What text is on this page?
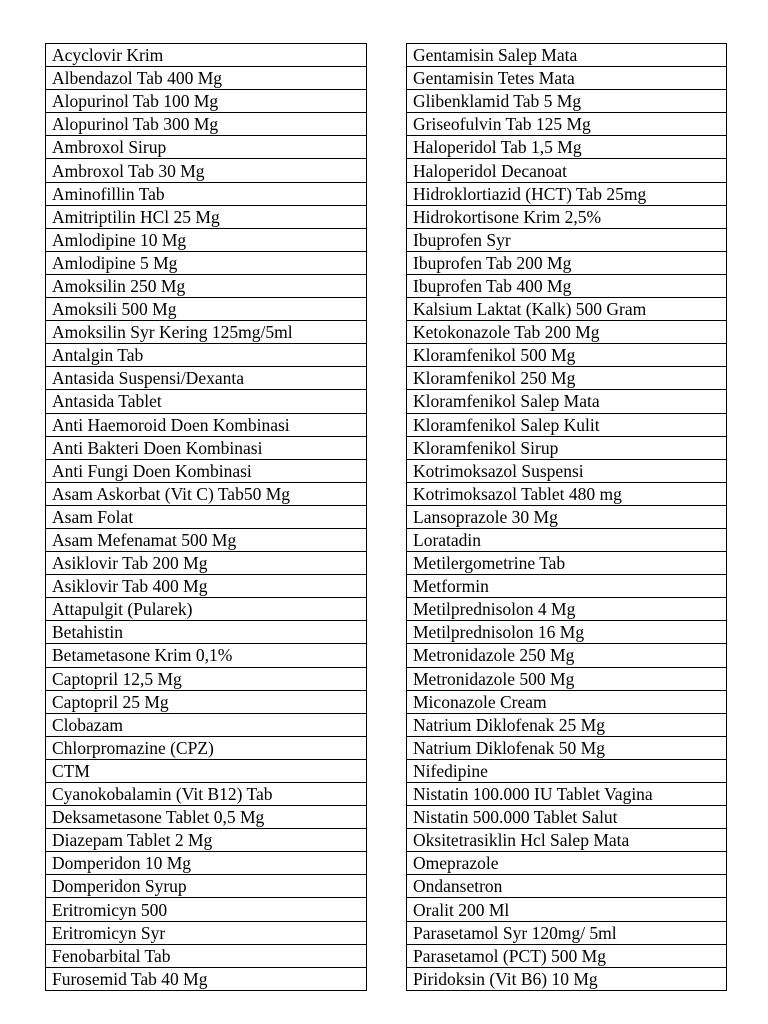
Acyclovir Krim
Albendazol Tab 400 Mg
Alopurinol Tab 100 Mg
Alopurinol Tab 300 Mg
Ambroxol Sirup
Ambroxol Tab 30 Mg
Aminofillin Tab
Amitriptilin HCl 25 Mg
Amlodipine 10 Mg
Amlodipine 5 Mg
Amoksilin 250 Mg
Amoksili 500 Mg
Amoksilin Syr Kering 125mg/5ml
Antalgin Tab
Antasida Suspensi/Dexanta
Antasida Tablet
Anti Haemoroid Doen Kombinasi
Anti Bakteri Doen Kombinasi
Anti Fungi Doen Kombinasi
Asam Askorbat (Vit C) Tab50 Mg
Asam Folat
Asam Mefenamat 500 Mg
Asiklovir Tab 200 Mg
Asiklovir Tab 400 Mg
Attapulgit (Pularek)
Betahistin
Betametasone Krim 0,1%
Captopril 12,5 Mg
Captopril 25 Mg
Clobazam
Chlorpromazine (CPZ)
CTM
Cyanokobalamin (Vit B12) Tab
Deksametasone Tablet 0,5 Mg
Diazepam Tablet 2 Mg
Domperidon 10 Mg
Domperidon Syrup
Eritromicyn 500
Eritromicyn Syr
Fenobarbital Tab
Furosemid Tab 40 Mg
Gentamisin Salep Mata
Gentamisin Tetes Mata
Glibenklamid Tab 5 Mg
Griseofulvin Tab 125 Mg
Haloperidol Tab 1,5 Mg
Haloperidol Decanoat
Hidroklortiazid (HCT) Tab 25mg
Hidrokortisone Krim 2,5%
Ibuprofen Syr
Ibuprofen Tab 200 Mg
Ibuprofen Tab 400 Mg
Kalsium Laktat (Kalk) 500 Gram
Ketokonazole Tab 200 Mg
Kloramfenikol 500 Mg
Kloramfenikol 250 Mg
Kloramfenikol Salep Mata
Kloramfenikol Salep Kulit
Kloramfenikol Sirup
Kotrimoksazol Suspensi
Kotrimoksazol Tablet 480 mg
Lansoprazole 30 Mg
Loratadin
Metilergometrine Tab
Metformin
Metilprednisolon 4 Mg
Metilprednisolon 16 Mg
Metronidazole 250 Mg
Metronidazole 500 Mg
Miconazole Cream
Natrium Diklofenak 25 Mg
Natrium Diklofenak 50 Mg
Nifedipine
Nistatin 100.000 IU Tablet Vagina
Nistatin 500.000 Tablet Salut
Oksitetrasiklin Hcl Salep Mata
Omeprazole
Ondansetron
Oralit 200 Ml
Parasetamol Syr 120mg/ 5ml
Parasetamol (PCT) 500 Mg
Piridoksin (Vit B6) 10 Mg
